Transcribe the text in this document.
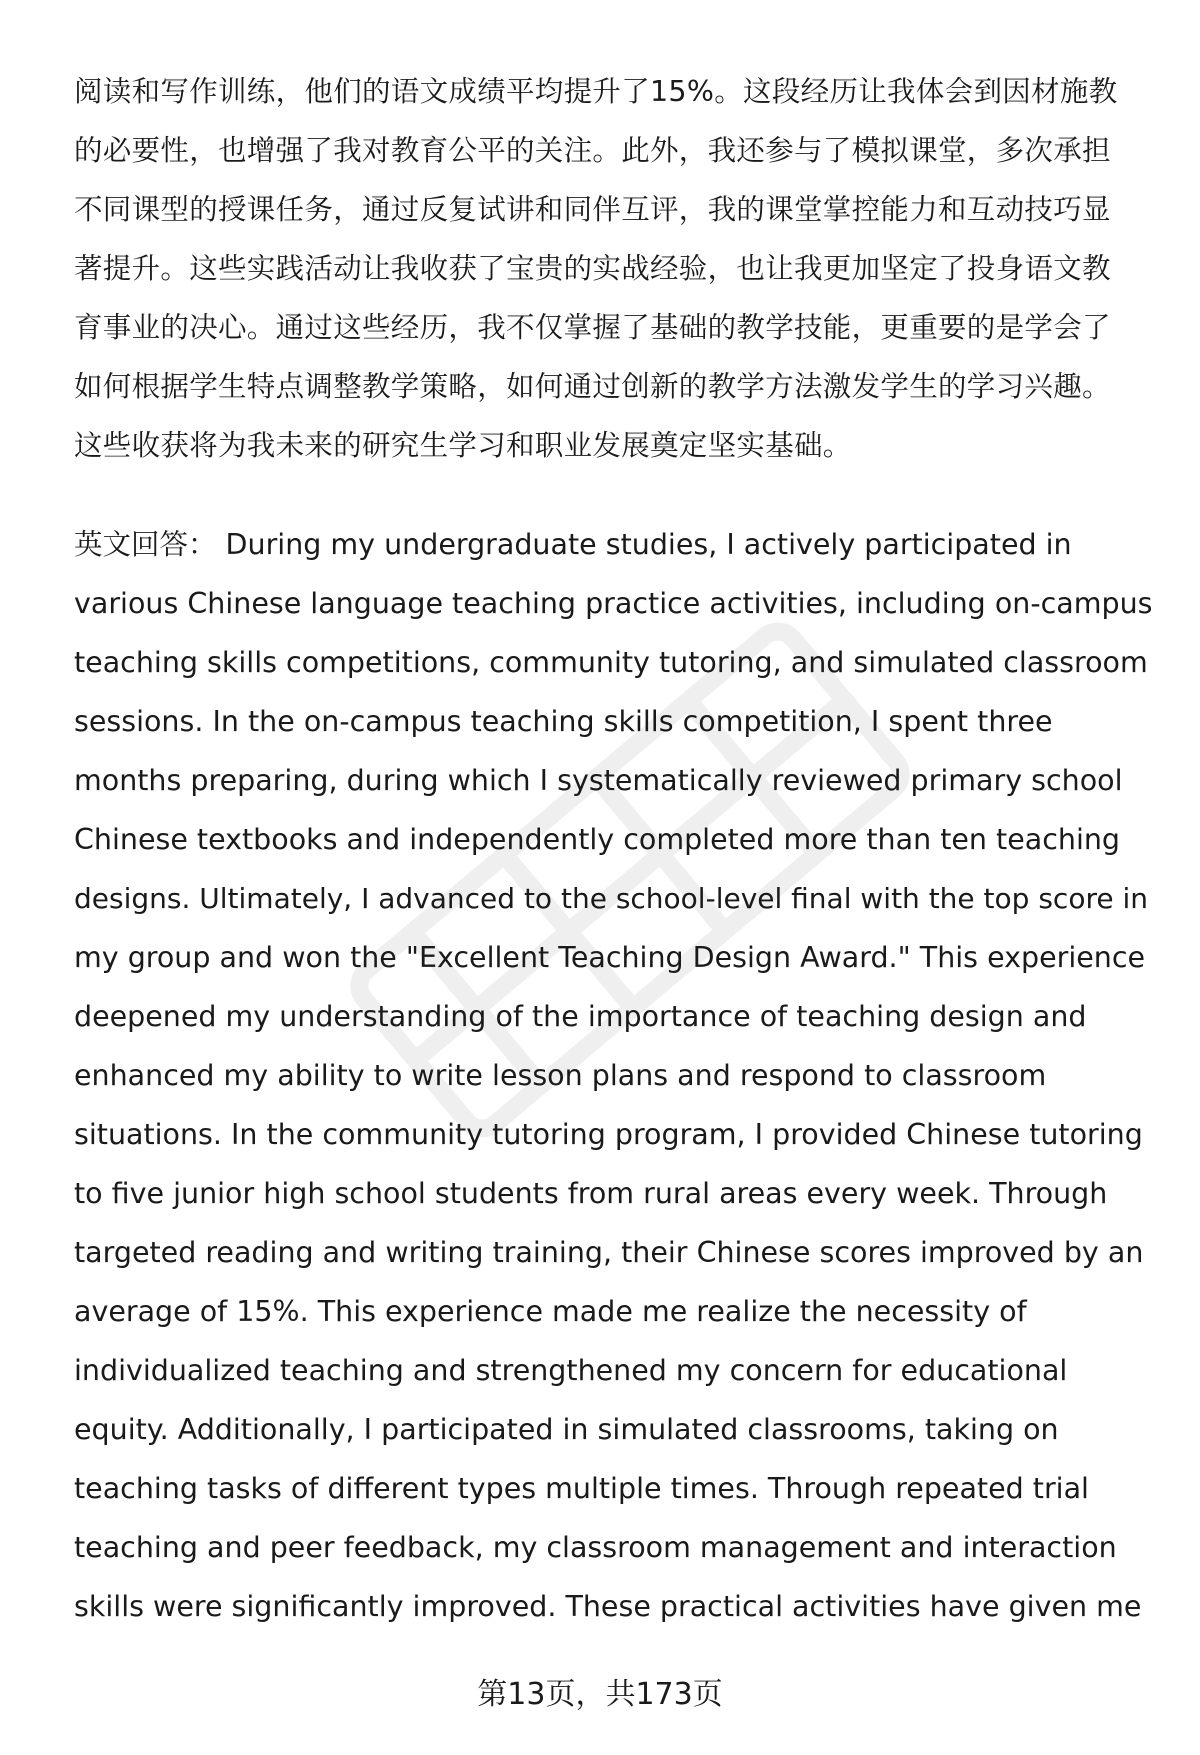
阅读和写作训练，他们的语文成绩平均提升了15%。这段经历让我体会到因材施教
的必要性，也增强了我对教育公平的关注。此外，我还参与了模拟课堂，多次承担
不同课型的授课任务，通过反复试讲和同伴互评，我的课堂掌控能力和互动技巧显
著提升。这些实践活动让我收获了宝贵的实战经验，也让我更加坚定了投身语文教
育事业的决心。通过这些经历，我不仅掌握了基础的教学技能，更重要的是学会了
如何根据学生特点调整教学策略，如何通过创新的教学方法激发学生的学习兴趣。
这些收获将为我未来的研究生学习和职业发展奠定坚实基础。
英文回答： During my undergraduate studies, I actively participated in
various Chinese language teaching practice activities, including on-campus
teaching skills competitions, community tutoring, and simulated classroom
sessions. In the on-campus teaching skills competition, I spent three
months preparing, during which I systematically reviewed primary school
Chinese textbooks and independently completed more than ten teaching
designs. Ultimately, I advanced to the school-level final with the top score in
my group and won the "Excellent Teaching Design Award." This experience
deepened my understanding of the importance of teaching design and
enhanced my ability to write lesson plans and respond to classroom
situations. In the community tutoring program, I provided Chinese tutoring
to five junior high school students from rural areas every week. Through
targeted reading and writing training, their Chinese scores improved by an
average of 15%. This experience made me realize the necessity of
individualized teaching and strengthened my concern for educational
equity. Additionally, I participated in simulated classrooms, taking on
teaching tasks of different types multiple times. Through repeated trial
teaching and peer feedback, my classroom management and interaction
skills were significantly improved. These practical activities have given me
第13页，共173页
